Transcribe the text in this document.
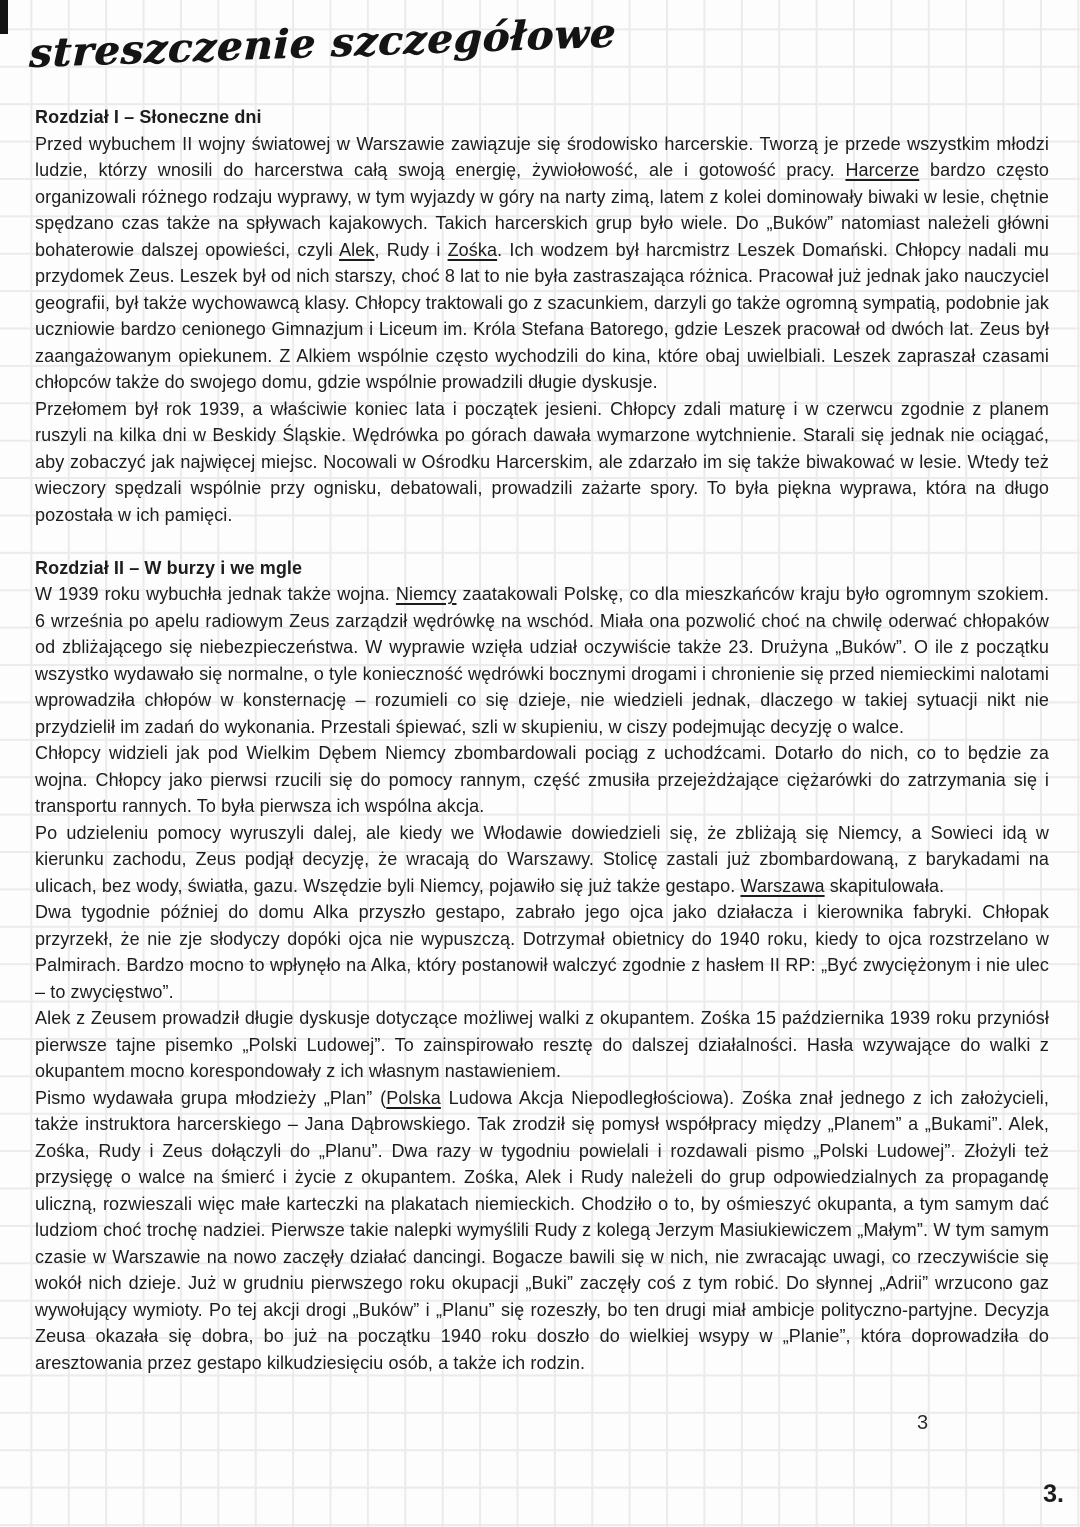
streszczenie szczegółowe
Rozdział I – Słoneczne dni

Przed wybuchem II wojny światowej w Warszawie zawiązuje się środowisko harcerskie. Tworzą je przede wszystkim młodzi ludzie, którzy wnosili do harcerstwa całą swoją energię, żywiołowość, ale i gotowość pracy. Harcerze bardzo często organizowali różnego rodzaju wyprawy, w tym wyjazdy w góry na narty zimą, latem z kolei dominowały biwaki w lesie, chętnie spędzano czas także na spływach kajakowych. Takich harcerskich grup było wiele. Do „Buków” natomiast należeli główni bohaterowie dalszej opowieści, czyli Alek, Rudy i Zośka. Ich wodzem był harcmistrz Leszek Domański. Chłopcy nadali mu przydomek Zeus. Leszek był od nich starszy, choć 8 lat to nie była zastraszająca różnica. Pracował już jednak jako nauczyciel geografii, był także wychowawcą klasy. Chłopcy traktowali go z szacunkiem, darzyli go także ogromną sympatią, podobnie jak uczniowie bardzo cenionego Gimnazjum i Liceum im. Króla Stefana Batorego, gdzie Leszek pracował od dwóch lat. Zeus był zaangażowanym opiekunem. Z Alkiem wspólnie często wychodzili do kina, które obaj uwielbiali. Leszek zapraszał czasami chłopców także do swojego domu, gdzie wspólnie prowadzili długie dyskusje.

Przełomem był rok 1939, a właściwie koniec lata i początek jesieni. Chłopcy zdali maturę i w czerwcu zgodnie z planem ruszyli na kilka dni w Beskidy Śląskie. Wędrówka po górach dawała wymarzone wytchnienie. Starali się jednak nie ociągać, aby zobaczyć jak najwięcej miejsc. Nocowali w Ośrodku Harcerskim, ale zdarzało im się także biwakować w lesie. Wtedy też wieczory spędzali wspólnie przy ognisku, debatowali, prowadzili zażarte spory. To była piękna wyprawa, która na długo pozostała w ich pamięci.

Rozdział II – W burzy i we mgle

W 1939 roku wybuchła jednak także wojna. Niemcy zaatakowali Polskę, co dla mieszkańców kraju było ogromnym szokiem. 6 września po apelu radiowym Zeus zarządził wędrówkę na wschód. Miała ona pozwolić choć na chwilę oderwać chłopaków od zbliżającego się niebezpieczeństwa. W wyprawie wzięła udział oczywiście także 23. Drużyna „Buków”. O ile z początku wszystko wydawało się normalne, o tyle konieczność wędrówki bocznymi drogami i chronienie się przed niemieckimi nalotami wprowadziła chłopów w konsternację – rozumieli co się dzieje, nie wiedzieli jednak, dlaczego w takiej sytuacji nikt nie przydzielił im zadań do wykonania. Przestali śpiewać, szli w skupieniu, w ciszy podejmując decyzję o walce.

Chłopcy widzieli jak pod Wielkim Dębem Niemcy zbombardowali pociąg z uchodźcami. Dotarło do nich, co to będzie za wojna. Chłopcy jako pierwsi rzucili się do pomocy rannym, część zmusiła przejeżdżające ciężarówki do zatrzymania się i transportu rannych. To była pierwsza ich wspólna akcja.

Po udzieleniu pomocy wyruszyli dalej, ale kiedy we Włodawie dowiedzieli się, że zbliżają się Niemcy, a Sowieci idą w kierunku zachodu, Zeus podjął decyzję, że wracają do Warszawy. Stolicę zastali już zbombardowaną, z barykadami na ulicach, bez wody, światła, gazu. Wszędzie byli Niemcy, pojawiło się już także gestapo. Warszawa skapitulowała.

Dwa tygodnie później do domu Alka przyszło gestapo, zabrało jego ojca jako działacza i kierownika fabryki. Chłopak przyrzekł, że nie zje słodyczy dopóki ojca nie wypuszczą. Dotrzymał obietnicy do 1940 roku, kiedy to ojca rozstrzelano w Palmirach. Bardzo mocno to wpłynęło na Alka, który postanowił walczyć zgodnie z hasłem II RP: „Być zwyciężonym i nie ulec – to zwycięstwo”.

Alek z Zeusem prowadził długie dyskusje dotyczące możliwej walki z okupantem. Zośka 15 października 1939 roku przyniósł pierwsze tajne pisemko „Polski Ludowej”. To zainspirowało resztę do dalszej działalności. Hasła wzywające do walki z okupantem mocno korespondowały z ich własnym nastawieniem.

Pismo wydawała grupa młodzieży „Plan” (Polska Ludowa Akcja Niepodległościowa). Zośka znał jednego z ich założycieli, także instruktora harcerskiego – Jana Dąbrowskiego. Tak zrodził się pomysł współpracy między „Planem” a „Bukami”. Alek, Zośka, Rudy i Zeus dołączyli do „Planu”. Dwa razy w tygodniu powielali i rozdawali pismo „Polski Ludowej”. Złożyli też przysięgę o walce na śmierć i życie z okupantem. Zośka, Alek i Rudy należeli do grup odpowiedzialnych za propagandę uliczną, rozwieszali więc małe karteczki na plakatach niemieckich. Chodziło o to, by ośmieszyć okupanta, a tym samym dać ludziom choć trochę nadziei. Pierwsze takie nalepki wymyślili Rudy z kolegą Jerzym Masiukiewiczem „Małym”. W tym samym czasie w Warszawie na nowo zaczęły działać dancingi. Bogacze bawili się w nich, nie zwracając uwagi, co rzeczywiście się wokół nich dzieje. Już w grudniu pierwszego roku okupacji „Buki” zaczęły coś z tym robić. Do słynnej „Adrii” wrzucono gaz wywołujący wymioty. Po tej akcji drogi „Buków” i „Planu” się rozeszły, bo ten drugi miał ambicje polityczno-partyjne. Decyzja Zeusa okazała się dobra, bo już na początku 1940 roku doszło do wielkiej wsypy w „Planie”, która doprowadziła do aresztowania przez gestapo kilkudziesięciu osób, a także ich rodzin.

3
3.
